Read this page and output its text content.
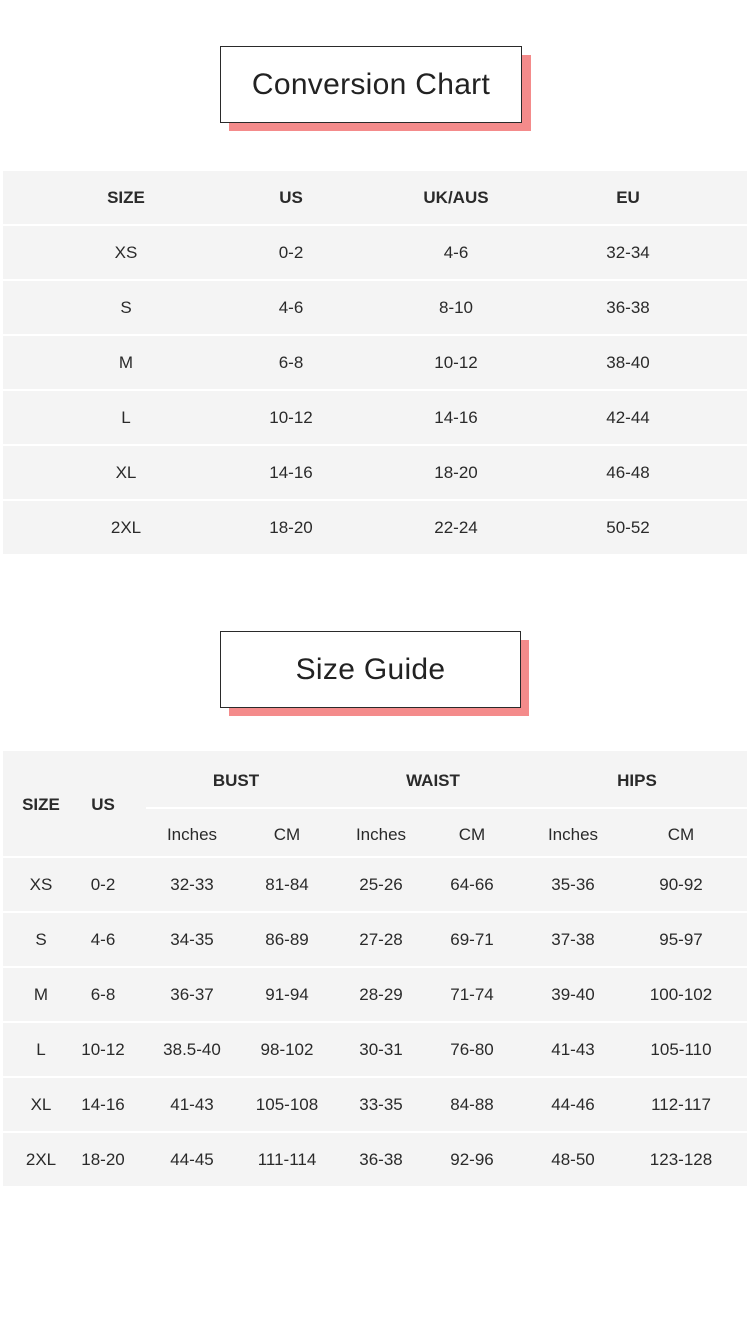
Conversion Chart
SIZE	US	UK/AUS	EU
XS	0-2	4-6	32-34
S	4-6	8-10	36-38
M	6-8	10-12	38-40
L	10-12	14-16	42-44
XL	14-16	18-20	46-48
2XL	18-20	22-24	50-52
Size Guide
SIZE	US
BUST	WAIST	HIPS
Inches	CM	Inches	CM	Inches	CM
XS	0-2	32-33	81-84	25-26	64-66	35-36	90-92
S	4-6	34-35	86-89	27-28	69-71	37-38	95-97
M	6-8	36-37	91-94	28-29	71-74	39-40	100-102
L	10-12	38.5-40	98-102	30-31	76-80	41-43	105-110
XL	14-16	41-43	105-108	33-35	84-88	44-46	112-117
2XL	18-20	44-45	111-114	36-38	92-96	48-50	123-128
